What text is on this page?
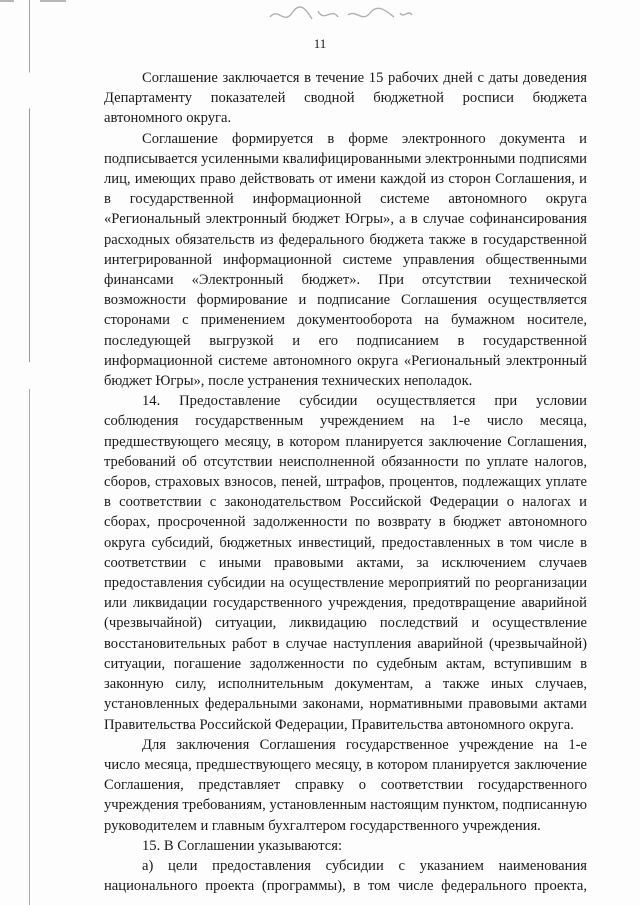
11

Соглашение заключается в течение 15 рабочих дней с даты доведения Департаменту показателей сводной бюджетной росписи бюджета автономного округа.

Соглашение формируется в форме электронного документа и подписывается усиленными квалифицированными электронными подписями лиц, имеющих право действовать от имени каждой из сторон Соглашения, и в государственной информационной системе автономного округа «Региональный электронный бюджет Югры», а в случае софинансирования расходных обязательств из федерального бюджета также в государственной интегрированной информационной системе управления общественными финансами «Электронный бюджет». При отсутствии технической возможности формирование и подписание Соглашения осуществляется сторонами с применением документооборота на бумажном носителе, последующей выгрузкой и его подписанием в государственной информационной системе автономного округа «Региональный электронный бюджет Югры», после устранения технических неполадок.

14. Предоставление субсидии осуществляется при условии соблюдения государственным учреждением на 1-е число месяца, предшествующего месяцу, в котором планируется заключение Соглашения, требований об отсутствии неисполненной обязанности по уплате налогов, сборов, страховых взносов, пеней, штрафов, процентов, подлежащих уплате в соответствии с законодательством Российской Федерации о налогах и сборах, просроченной задолженности по возврату в бюджет автономного округа субсидий, бюджетных инвестиций, предоставленных в том числе в соответствии с иными правовыми актами, за исключением случаев предоставления субсидии на осуществление мероприятий по реорганизации или ликвидации государственного учреждения, предотвращение аварийной (чрезвычайной) ситуации, ликвидацию последствий и осуществление восстановительных работ в случае наступления аварийной (чрезвычайной) ситуации, погашение задолженности по судебным актам, вступившим в законную силу, исполнительным документам, а также иных случаев, установленных федеральными законами, нормативными правовыми актами Правительства Российской Федерации, Правительства автономного округа.

Для заключения Соглашения государственное учреждение на 1-е число месяца, предшествующего месяцу, в котором планируется заключение Соглашения, представляет справку о соответствии государственного учреждения требованиям, установленным настоящим пунктом, подписанную руководителем и главным бухгалтером государственного учреждения.

15. В Соглашении указываются:

а) цели предоставления субсидии с указанием наименования национального проекта (программы), в том числе федерального проекта,
